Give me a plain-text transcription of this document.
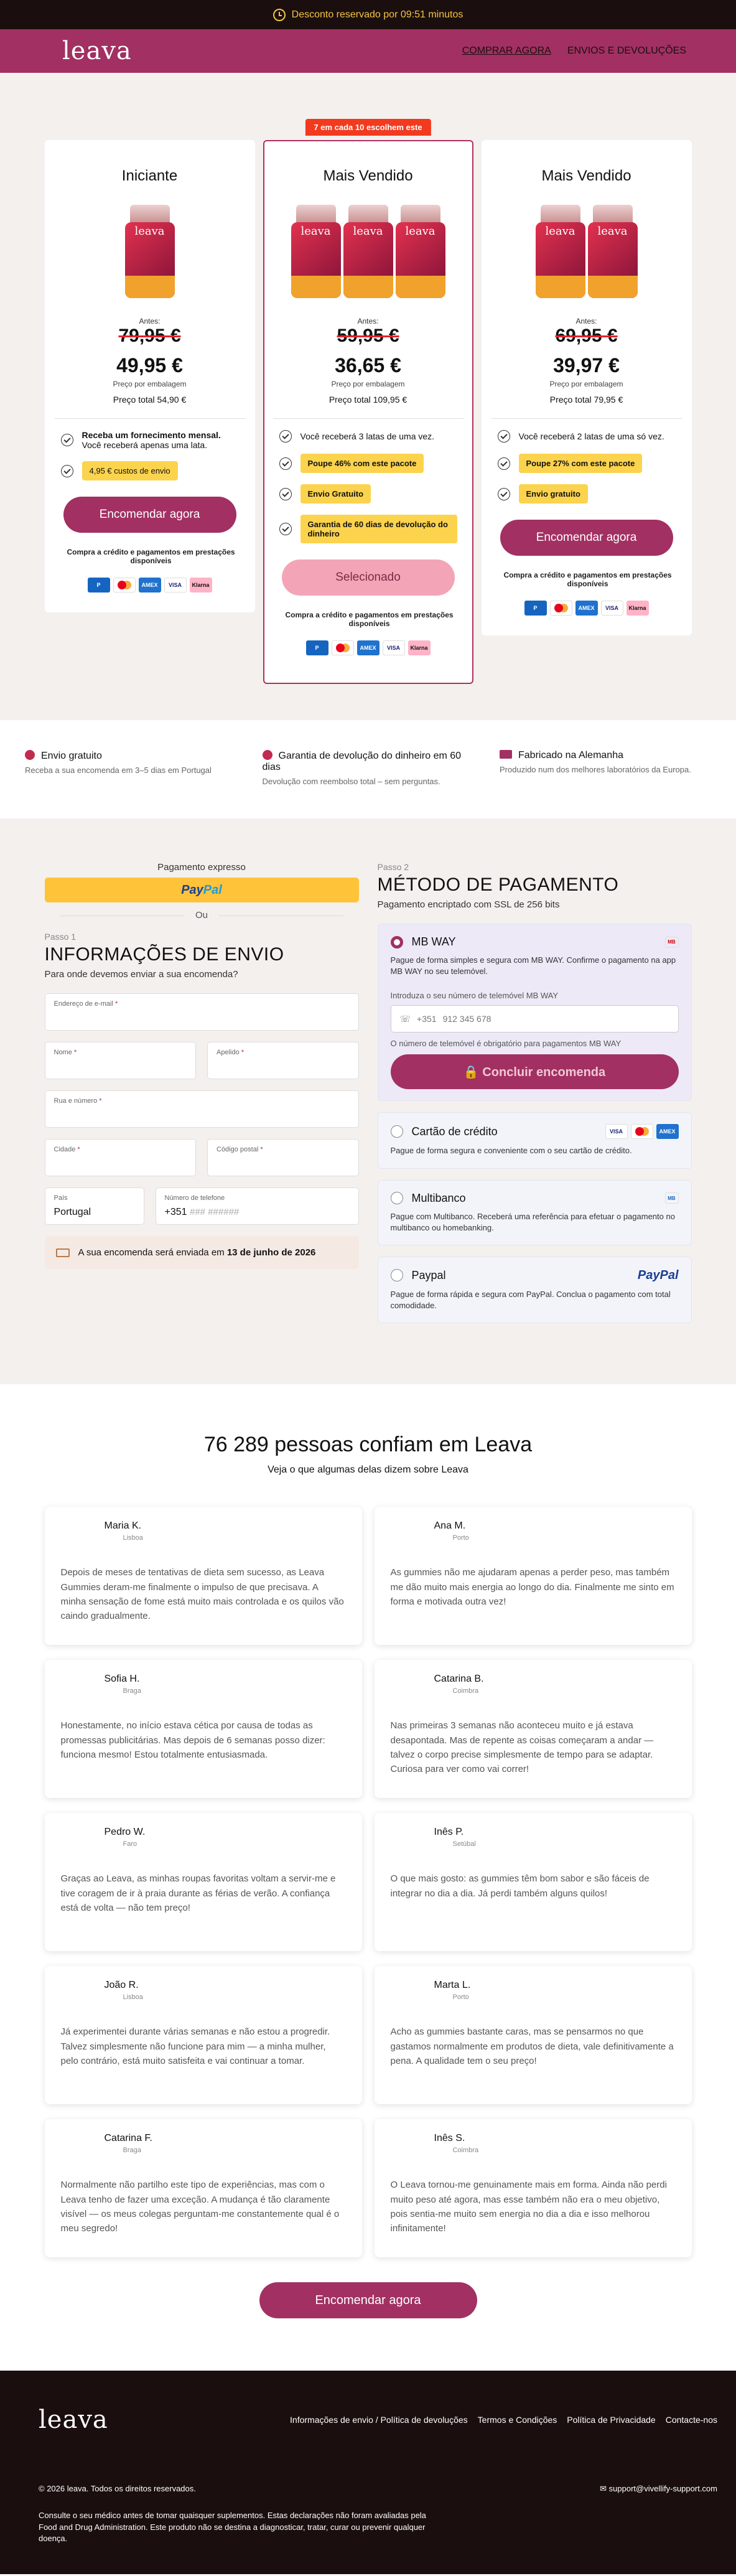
Desconto reservado por 09:51 minutos
leava	COMPRAR AGORA ENVIOS E DEVOLUÇÕES
Iniciante
leava
Antes:
79,95 €
49,95 €
Preço por embalagem
Preço total 54,90 €
Receba um fornecimento mensal.
Você receberá apenas uma lata.
4,95 € custos de envio
Encomendar agora
Compra a crédito e pagamentos em prestações disponíveis
P	AMEX	VISA	Klarna
7 em cada 10 escolhem este
Mais Vendido
leava	leava	leava
Antes:
59,95 €
36,65 €
Preço por embalagem
Preço total 109,95 €
Você receberá 3 latas de uma vez.
Poupe 46% com este pacote
Envio Gratuito
Garantia de 60 dias de devolução do dinheiro
Selecionado
Compra a crédito e pagamentos em prestações disponíveis
P	AMEX	VISA	Klarna
Mais Vendido
leava	leava
Antes:
69,95 €
39,97 €
Preço por embalagem
Preço total 79,95 €
Você receberá 2 latas de uma só vez.
Poupe 27% com este pacote
Envio gratuito
Encomendar agora
Compra a crédito e pagamentos em prestações disponíveis
P	AMEX	VISA	Klarna
Envio gratuito

Receba a sua encomenda em 3–5 dias em Portugal

Garantia de devolução do dinheiro em 60 dias

Devolução com reembolso total – sem perguntas.

Fabricado na Alemanha

Produzido num dos melhores laboratórios da Europa.

Pagamento expresso
Pay Pal
Ou
Passo 1
INFORMAÇÕES DE ENVIO
Para onde devemos enviar a sua encomenda?
Endereço de e-mail *
Nome *	Apelido *
Rua e número *
Cidade *	Código postal *
País
Portugal
Número de telefone
+351 ### ######
A sua encomenda será enviada em 13 de junho de 2026
Passo 2
MÉTODO DE PAGAMENTO
Pagamento encriptado com SSL de 256 bits
MB WAY	MB

Pague de forma simples e segura com MB WAY. Confirme o pagamento na app MB WAY no seu telemóvel.

Introduza o seu número de telemóvel MB WAY
☏ +351 912 345 678
O número de telemóvel é obrigatório para pagamentos MB WAY
🔒 Concluir encomenda
Cartão de crédito	VISA	AMEX

Pague de forma segura e conveniente com o seu cartão de crédito.

Multibanco	MB

Pague com Multibanco. Receberá uma referência para efetuar o pagamento no multibanco ou homebanking.

Paypal	PayPal

Pague de forma rápida e segura com PayPal. Conclua o pagamento com total comodidade.

76 289 pessoas confiam em Leava
Veja o que algumas delas dizem sobre Leava
Maria K.
Lisboa
Depois de meses de tentativas de dieta sem sucesso, as Leava Gummies deram-me finalmente o impulso de que precisava. A minha sensação de fome está muito mais controlada e os quilos vão caindo gradualmente.
Ana M.
Porto
As gummies não me ajudaram apenas a perder peso, mas também me dão muito mais energia ao longo do dia. Finalmente me sinto em forma e motivada outra vez!
Sofia H.
Braga
Honestamente, no início estava cética por causa de todas as promessas publicitárias. Mas depois de 6 semanas posso dizer: funciona mesmo! Estou totalmente entusiasmada.
Catarina B.
Coimbra
Nas primeiras 3 semanas não aconteceu muito e já estava desapontada. Mas de repente as coisas começaram a andar — talvez o corpo precise simplesmente de tempo para se adaptar. Curiosa para ver como vai correr!
Pedro W.
Faro
Graças ao Leava, as minhas roupas favoritas voltam a servir-me e tive coragem de ir à praia durante as férias de verão. A confiança está de volta — não tem preço!
Inês P.
Setúbal
O que mais gosto: as gummies têm bom sabor e são fáceis de integrar no dia a dia. Já perdi também alguns quilos!
João R.
Lisboa
Já experimentei durante várias semanas e não estou a progredir. Talvez simplesmente não funcione para mim — a minha mulher, pelo contrário, está muito satisfeita e vai continuar a tomar.
Marta L.
Porto
Acho as gummies bastante caras, mas se pensarmos no que gastamos normalmente em produtos de dieta, vale definitivamente a pena. A qualidade tem o seu preço!
Catarina F.
Braga
Normalmente não partilho este tipo de experiências, mas com o Leava tenho de fazer uma exceção. A mudança é tão claramente visível — os meus colegas perguntam-me constantemente qual é o meu segredo!
Inês S.
Coimbra
O Leava tornou-me genuinamente mais em forma. Ainda não perdi muito peso até agora, mas esse também não era o meu objetivo, pois sentia-me muito sem energia no dia a dia e isso melhorou infinitamente!
Encomendar agora
leava	Informações de envio / Política de devoluções Termos e Condições Política de Privacidade Contacte-nos
© 2026 leava. Todos os direitos reservados.	✉ support@vivellify-support.com
Consulte o seu médico antes de tomar quaisquer suplementos. Estas declarações não foram avaliadas pela Food and Drug Administration. Este produto não se destina a diagnosticar, tratar, curar ou prevenir qualquer doença.
